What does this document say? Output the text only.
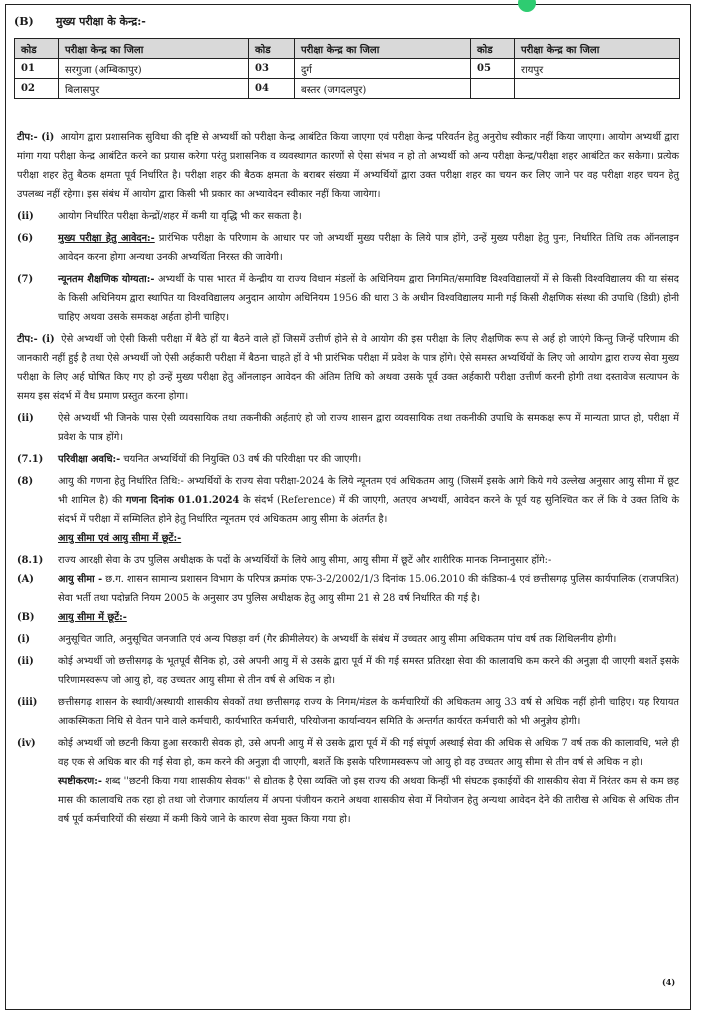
(B) मुख्य परीक्षा के केन्द्र:-
कोड	परीक्षा केन्द्र का जिला	कोड	परीक्षा केन्द्र का जिला	कोड	परीक्षा केन्द्र का जिला
01	सरगुजा (अम्बिकापुर)	03	दुर्ग	05	रायपुर
02	बिलासपुर	04	बस्तर (जगदलपुर)		

टीप:- (i) आयोग द्वारा प्रशासनिक सुविधा की दृष्टि से अभ्यर्थी को परीक्षा केन्द्र आबंटित किया जाएगा एवं परीक्षा केन्द्र परिवर्तन हेतु अनुरोध स्वीकार नहीं किया जाएगा। आयोग अभ्यर्थी द्वारा मांगा गया परीक्षा केन्द्र आबंटित करने का प्रयास करेगा परंतु प्रशासनिक व व्यवस्थागत कारणों से ऐसा संभव न हो तो अभ्यर्थी को अन्य परीक्षा केन्द्र/परीक्षा शहर आबंटित कर सकेगा। प्रत्येक परीक्षा शहर हेतु बैठक क्षमता पूर्व निर्धारित है। परीक्षा शहर की बैठक क्षमता के बराबर संख्या में अभ्यर्थियों द्वारा उक्त परीक्षा शहर का चयन कर लिए जाने पर वह परीक्षा शहर चयन हेतु उपलब्ध नहीं रहेगा। इस संबंध में आयोग द्वारा किसी भी प्रकार का अभ्यावेदन स्वीकार नहीं किया जायेगा।

(ii) आयोग निर्धारित परीक्षा केन्द्रों/शहर में कमी या वृद्धि भी कर सकता है।

(6)	मुख्य परीक्षा हेतु आवेदन:- प्रारंभिक परीक्षा के परिणाम के आधार पर जो अभ्यर्थी मुख्य परीक्षा के लिये पात्र होंगे, उन्हें मुख्य परीक्षा हेतु पुनः, निर्धारित तिथि तक ऑनलाइन आवेदन करना होगा अन्यथा उनकी अभ्यर्थिता निरस्त की जावेगी।

(7)	न्यूनतम शैक्षणिक योग्यता:- अभ्यर्थी के पास भारत में केन्द्रीय या राज्य विधान मंडलों के अधिनियम द्वारा निगमित/समाविष्ट विश्वविद्यालयों में से किसी विश्वविद्यालय की या संसद के किसी अधिनियम द्वारा स्थापित या विश्वविद्यालय अनुदान आयोग अधिनियम 1956 की धारा 3 के अधीन विश्वविद्यालय मानी गई किसी शैक्षणिक संस्था की उपाधि (डिग्री) होनी चाहिए अथवा उसके समकक्ष अर्हता होनी चाहिए।

टीप:- (i) ऐसे अभ्यर्थी जो ऐसी किसी परीक्षा में बैठे हों या बैठने वाले हों जिसमें उत्तीर्ण होने से वे आयोग की इस परीक्षा के लिए शैक्षणिक रूप से अर्ह हो जाएंगे किन्तु जिन्हें परिणाम की जानकारी नहीं हुई है तथा ऐसे अभ्यर्थी जो ऐसी अर्हकारी परीक्षा में बैठना चाहते हों वे भी प्रारंभिक परीक्षा में प्रवेश के पात्र होंगे। ऐसे समस्त अभ्यर्थियों के लिए जो आयोग द्वारा राज्य सेवा मुख्य परीक्षा के लिए अर्ह घोषित किए गए हो उन्हें मुख्य परीक्षा हेतु ऑनलाइन आवेदन की अंतिम तिथि को अथवा उसके पूर्व उक्त अर्हकारी परीक्षा उत्तीर्ण करनी होगी तथा दस्तावेज सत्यापन के समय इस संदर्भ में वैध प्रमाण प्रस्तुत करना होगा।

(ii) ऐसे अभ्यर्थी भी जिनके पास ऐसी व्यवसायिक तथा तकनीकी अर्हताएं हो जो राज्य शासन द्वारा व्यवसायिक तथा तकनीकी उपाधि के समकक्ष रूप में मान्यता प्राप्त हो, परीक्षा में प्रवेश के पात्र होंगे।

(7.1) परिवीक्षा अवधि:- चयनित अभ्यर्थियों की नियुक्ति 03 वर्ष की परिवीक्षा पर की जाएगी।

(8)	आयु की गणना हेतु निर्धारित तिथि:- अभ्यर्थियों के राज्य सेवा परीक्षा-2024 के लिये न्यूनतम एवं अधिकतम आयु (जिसमें इसके आगे किये गये उल्लेख अनुसार आयु सीमा में छूट भी शामिल है) की गणना दिनांक 01.01.2024 के संदर्भ (Reference) में की जाएगी, अतएव अभ्यर्थी, आवेदन करने के पूर्व यह सुनिश्चित कर लें कि वे उक्त तिथि के संदर्भ में परीक्षा में सम्मिलित होने हेतु निर्धारित न्यूनतम एवं अधिकतम आयु सीमा के अंतर्गत है।

आयु सीमा एवं आयु सीमा में छूटें:-

(8.1) राज्य आरक्षी सेवा के उप पुलिस अधीक्षक के पदों के अभ्यर्थियों के लिये आयु सीमा, आयु सीमा में छूटें और शारीरिक मानक निम्नानुसार होंगे:-

(A) आयु सीमा - छ.ग. शासन सामान्य प्रशासन विभाग के परिपत्र क्रमांक एफ-3-2/2002/1/3 दिनांक 15.06.2010 की कंडिका-4 एवं छत्तीसगढ़ पुलिस कार्यपालिक (राजपत्रित) सेवा भर्ती तथा पदोन्नति नियम 2005 के अनुसार उप पुलिस अधीक्षक हेतु आयु सीमा 21 से 28 वर्ष निर्धारित की गई है।

(B) आयु सीमा में छूटें:-

(i)	अनुसूचित जाति, अनुसूचित जनजाति एवं अन्य पिछड़ा वर्ग (गैर क्रीमीलेयर) के अभ्यर्थी के संबंध में उच्चतर आयु सीमा अधिकतम पांच वर्ष तक शिथिलनीय होगी।

(ii) कोई अभ्यर्थी जो छत्तीसगढ़ के भूतपूर्व सैनिक हो, उसे अपनी आयु में से उसके द्वारा पूर्व में की गई समस्त प्रतिरक्षा सेवा की कालावधि कम करने की अनुज्ञा दी जाएगी बशर्ते इसके परिणामस्वरूप जो आयु हो, वह उच्चतर आयु सीमा से तीन वर्ष से अधिक न हो।

(iii) छत्तीसगढ़ शासन के स्थायी/अस्थायी शासकीय सेवकों तथा छत्तीसगढ़ राज्य के निगम/मंडल के कर्मचारियों की अधिकतम आयु 33 वर्ष से अधिक नहीं होनी चाहिए। यह रियायत आकस्मिकता निधि से वेतन पाने वाले कर्मचारी, कार्यभारित कर्मचारी, परियोजना कार्यान्वयन समिति के अन्तर्गत कार्यरत कर्मचारी को भी अनुज्ञेय होगी।

(iv) कोई अभ्यर्थी जो छटनी किया हुआ सरकारी सेवक हो, उसे अपनी आयु में से उसके द्वारा पूर्व में की गई संपूर्ण अस्थाई सेवा की अधिक से अधिक 7 वर्ष तक की कालावधि, भले ही वह एक से अधिक बार की गई सेवा हो, कम करने की अनुज्ञा दी जाएगी, बशर्ते कि इसके परिणामस्वरूप जो आयु हो वह उच्चतर आयु सीमा से तीन वर्ष से अधिक न हो।

स्पष्टीकरण:- शब्द ''छटनी किया गया शासकीय सेवक'' से द्योतक है ऐसा व्यक्ति जो इस राज्य की अथवा किन्हीं भी संघटक इकाईयों की शासकीय सेवा में निरंतर कम से कम छह मास की कालावधि तक रहा हो तथा जो रोजगार कार्यालय में अपना पंजीयन कराने अथवा शासकीय सेवा में नियोजन हेतु अन्यथा आवेदन देने की तारीख से अधिक से अधिक तीन वर्ष पूर्व कर्मचारियों की संख्या में कमी किये जाने के कारण सेवा मुक्त किया गया हो।

(4)
